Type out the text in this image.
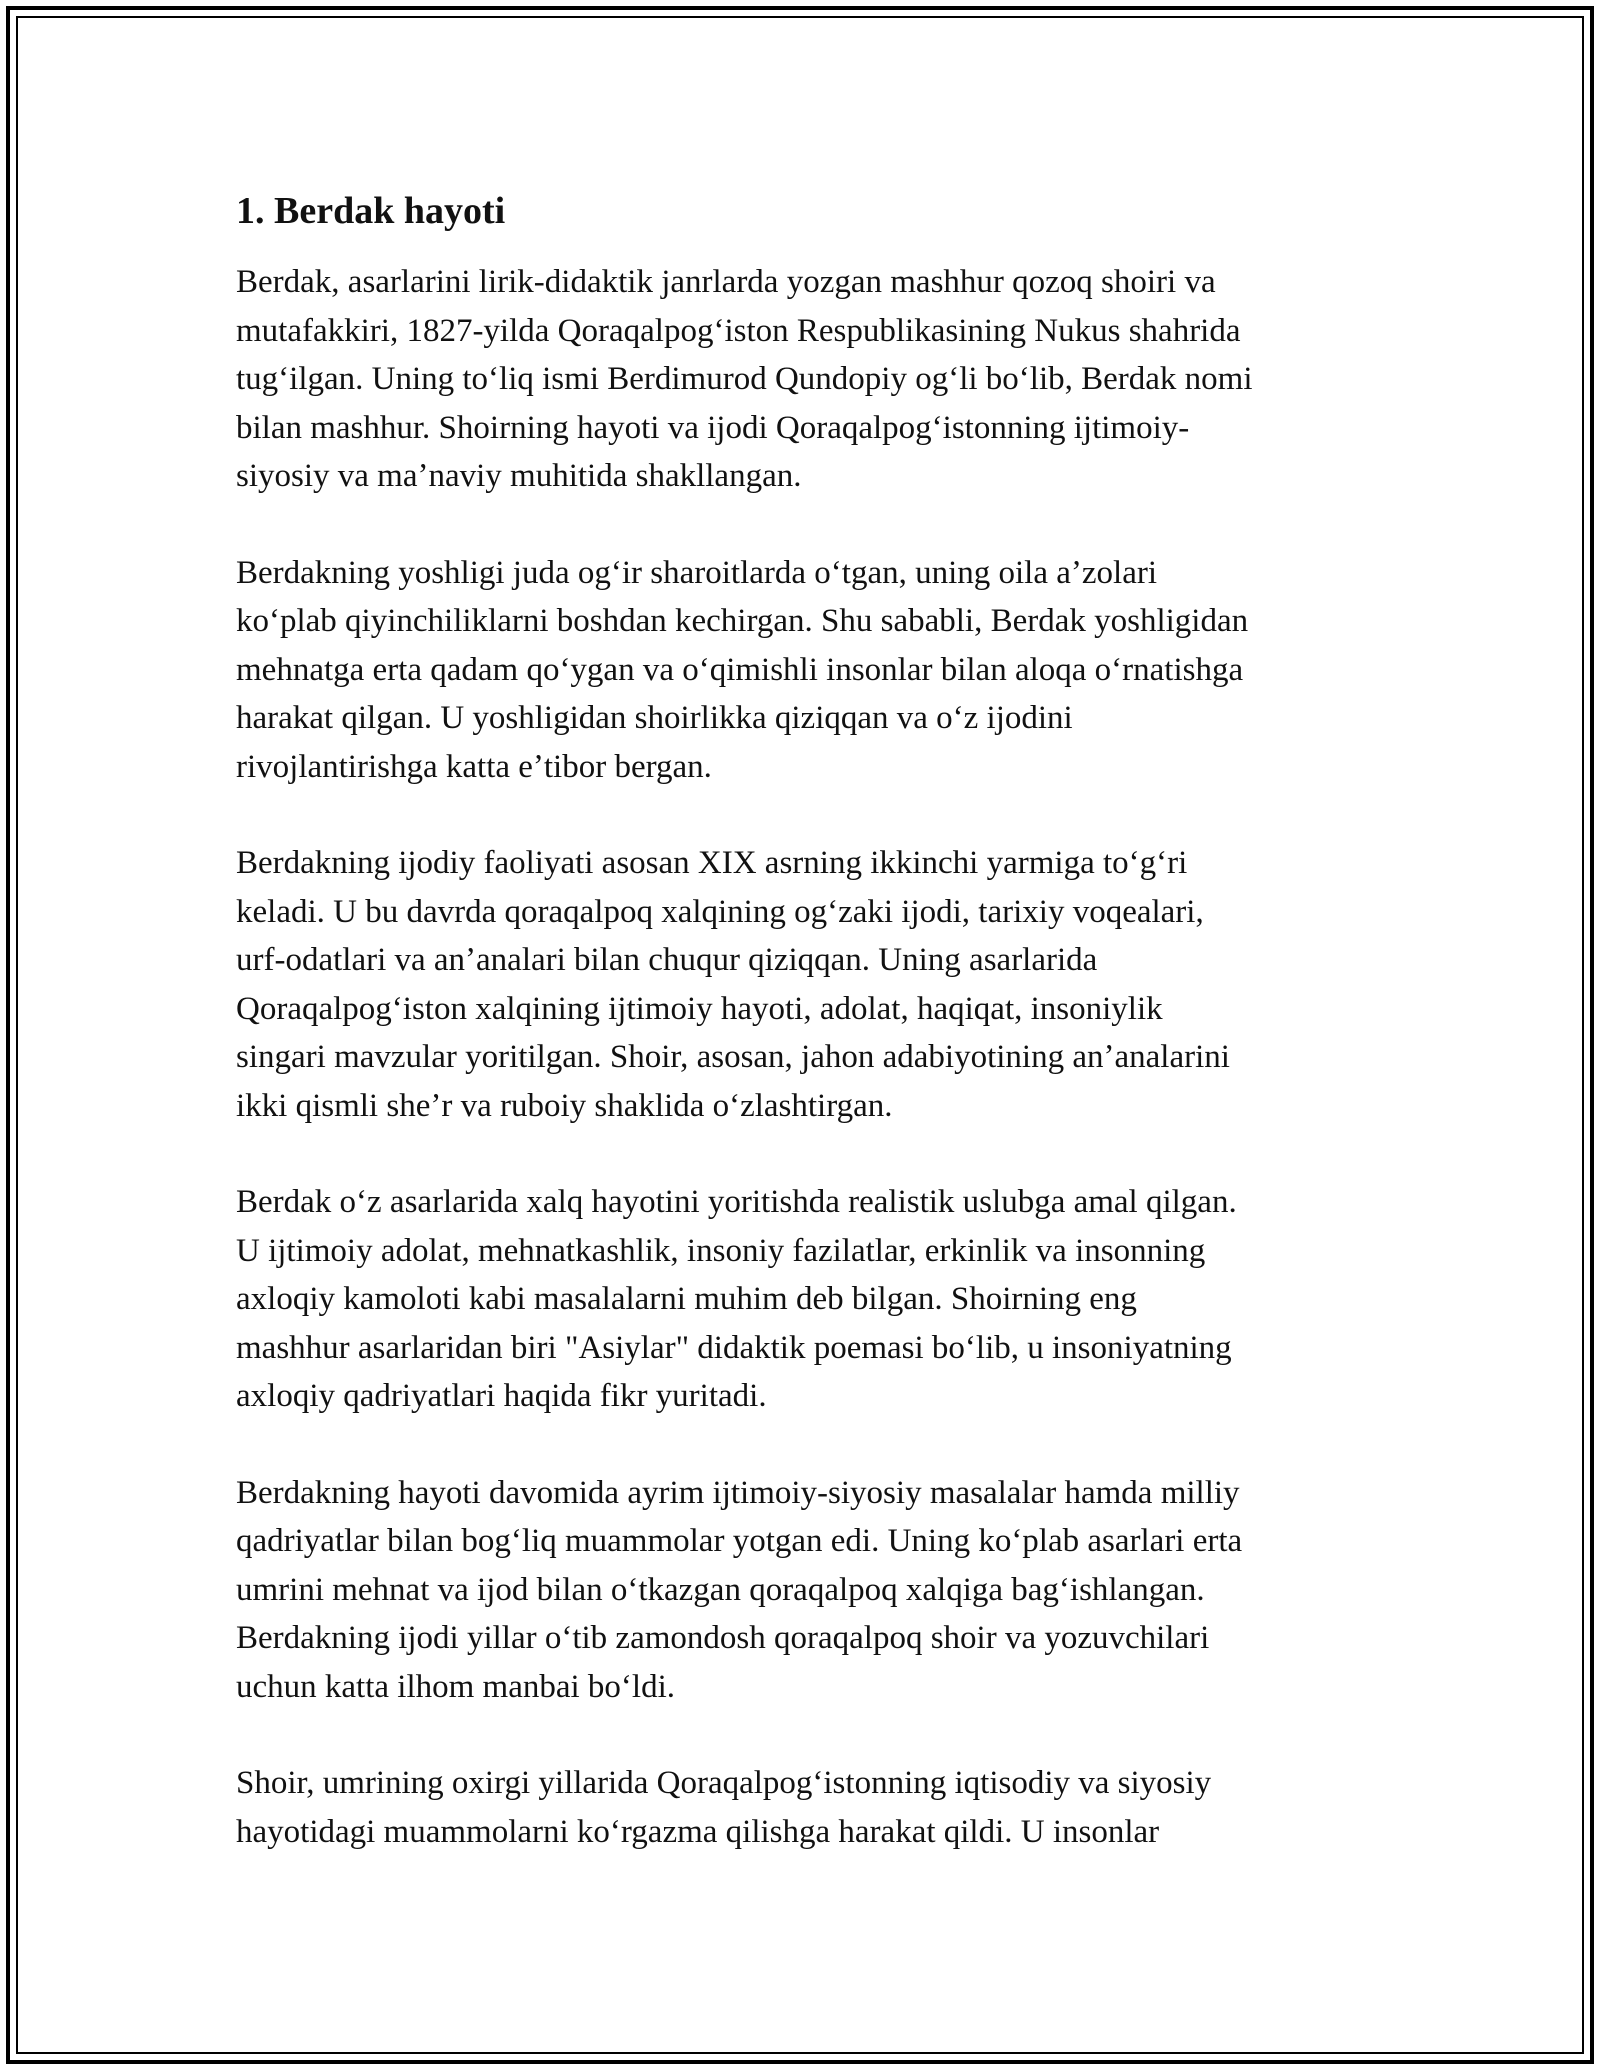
1. Berdak hayoti

Berdak, asarlarini lirik-didaktik janrlarda yozgan mashhur qozoq shoiri va
mutafakkiri, 1827-yilda Qoraqalpogʻiston Respublikasining Nukus shahrida
tugʻilgan. Uning toʻliq ismi Berdimurod Qundopiy ogʻli boʻlib, Berdak nomi
bilan mashhur. Shoirning hayoti va ijodi Qoraqalpogʻistonning ijtimoiy-
siyosiy va maʼnaviy muhitida shakllangan.

Berdakning yoshligi juda ogʻir sharoitlarda oʻtgan, uning oila aʼzolari
koʻplab qiyinchiliklarni boshdan kechirgan. Shu sababli, Berdak yoshligidan
mehnatga erta qadam qoʻygan va oʻqimishli insonlar bilan aloqa oʻrnatishga
harakat qilgan. U yoshligidan shoirlikka qiziqqan va oʻz ijodini
rivojlantirishga katta eʼtibor bergan.

Berdakning ijodiy faoliyati asosan XIX asrning ikkinchi yarmiga toʻgʻri
keladi. U bu davrda qoraqalpoq xalqining ogʻzaki ijodi, tarixiy voqealari,
urf-odatlari va anʼanalari bilan chuqur qiziqqan. Uning asarlarida
Qoraqalpogʻiston xalqining ijtimoiy hayoti, adolat, haqiqat, insoniylik
singari mavzular yoritilgan. Shoir, asosan, jahon adabiyotining anʼanalarini
ikki qismli sheʼr va ruboiy shaklida oʻzlashtirgan.

Berdak oʻz asarlarida xalq hayotini yoritishda realistik uslubga amal qilgan.
U ijtimoiy adolat, mehnatkashlik, insoniy fazilatlar, erkinlik va insonning
axloqiy kamoloti kabi masalalarni muhim deb bilgan. Shoirning eng
mashhur asarlaridan biri "Asiylar" didaktik poemasi boʻlib, u insoniyatning
axloqiy qadriyatlari haqida fikr yuritadi.

Berdakning hayoti davomida ayrim ijtimoiy-siyosiy masalalar hamda milliy
qadriyatlar bilan bogʻliq muammolar yotgan edi. Uning koʻplab asarlari erta
umrini mehnat va ijod bilan oʻtkazgan qoraqalpoq xalqiga bagʻishlangan.
Berdakning ijodi yillar oʻtib zamondosh qoraqalpoq shoir va yozuvchilari
uchun katta ilhom manbai boʻldi.

Shoir, umrining oxirgi yillarida Qoraqalpogʻistonning iqtisodiy va siyosiy
hayotidagi muammolarni koʻrgazma qilishga harakat qildi. U insonlar
